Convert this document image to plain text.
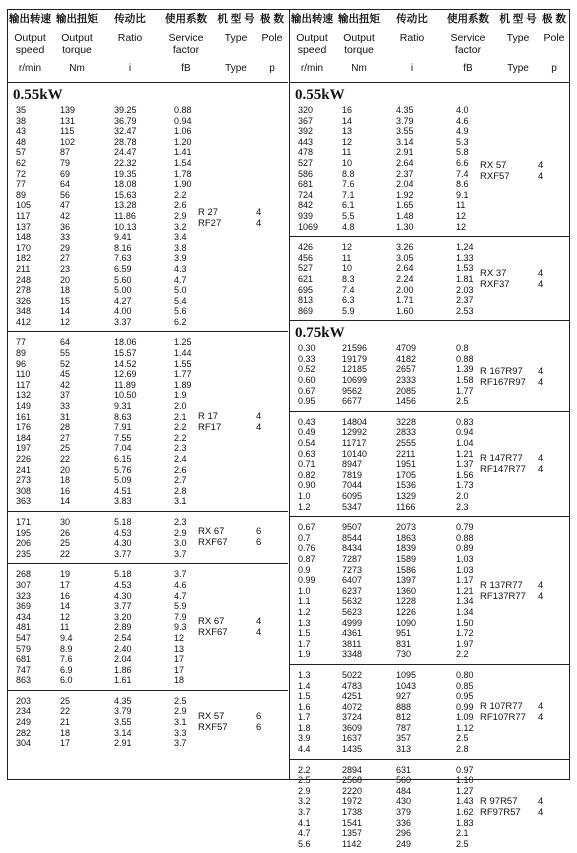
输出转速
Output
speed
r/min
输出扭矩
Output
torque
Nm
传动比
Ratio
i
使用系数
Service
factor
fB
机 型 号
Type
Type
极 数
Pole
p
0.55kW
35	139	39.25	0.88
38	131	36.79	0.94
43	115	32.47	1.06
48	102	28.78	1.20
57	87	24.47	1.41
62	79	22.32	1.54
72	69	19.35	1.78
77	64	18.08	1.90
89	56	15.63	2.2
105	47	13.28	2.6
117	42	11.86	2.9
137	36	10.13	3.2
148	33	9.41	3.4
170	29	8.16	3.8
182	27	7.63	3.9
211	23	6.59	4.3
248	20	5.60	4.7
278	18	5.00	5.0
326	15	4.27	5.4
348	14	4.00	5.6
412	12	3.37	6.2
R 27	4
RF27	4
77	64	18.06	1.25
89	55	15.57	1.44
96	52	14.52	1.55
110	45	12.69	1.77
117	42	11.89	1.89
132	37	10.50	1.9
149	33	9.31	2.0
161	31	8.63	2.1
176	28	7.91	2.2
184	27	7.55	2.2
197	25	7.04	2.3
226	22	6.15	2.4
241	20	5.76	2.6
273	18	5.09	2.7
308	16	4.51	2.8
363	14	3.83	3.1
R 17	4
RF17	4
171	30	5.18	2.3
195	26	4.53	2.9
206	25	4.30	3.0
235	22	3.77	3.7
RX 67	6
RXF67	6
268	19	5.18	3.7
307	17	4.53	4.6
323	16	4.30	4.7
369	14	3.77	5.9
434	12	3.20	7.9
481	11	2.89	9.3
547	9.4	2.54	12
579	8.9	2.40	13
681	7.6	2.04	17
747	6.9	1.86	17
863	6.0	1.61	18
RX 67	4
RXF67	4
203	25	4.35	2.5
234	22	3.79	2.9
249	21	3.55	3.1
282	18	3.14	3.3
304	17	2.91	3.7
RX 57	6
RXF57	6
输出转速
Output
speed
r/min
输出扭矩
Output
torque
Nm
传动比
Ratio
i
使用系数
Service
factor
fB
机 型 号
Type
Type
极 数
Pole
p
0.55kW
320	16	4.35	4.0
367	14	3.79	4.6
392	13	3.55	4.9
443	12	3.14	5.3
478	11	2.91	5.8
527	10	2.64	6.6
586	8.8	2.37	7.4
681	7.6	2.04	8.6
724	7.1	1.92	9.1
842	6.1	1.65	11
939	5.5	1.48	12
1069	4.8	1.30	12
RX 57	4
RXF57	4
426	12	3.26	1.24
456	11	3.05	1.33
527	10	2.64	1.53
621	8.3	2.24	1.81
695	7.4	2.00	2.03
813	6.3	1.71	2.37
869	5.9	1.60	2.53
RX 37	4
RXF37	4
0.75kW
0.30	21596	4709	0.8
0.33	19179	4182	0.88
0.52	12185	2657	1.39
0.60	10699	2333	1.58
0.67	9562	2085	1.77
0.95	6677	1456	2.5
R 167R97 4
RF167R97 4
0.43	14804	3228	0.83
0.49	12992	2833	0.94
0.54	11717	2555	1.04
0.63	10140	2211	1.21
0.71	8947	1951	1.37
0.82	7819	1705	1.56
0.90	7044	1536	1.73
1.0	6095	1329	2.0
1.2	5347	1166	2.3
R 147R77 4
RF147R77 4
0.67	9507	2073	0.79
0.7	8544	1863	0.88
0.76	8434	1839	0.89
0.87	7287	1589	1.03
0.9	7273	1586	1.03
0.99	6407	1397	1.17
1.0	6237	1360	1.21
1.1	5632	1228	1.34
1.2	5623	1226	1.34
1.3	4999	1090	1.50
1.5	4361	951	1.72
1.7	3811	831	1.97
1.9	3348	730	2.2
R 137R77 4
RF137R77 4
1.3	5022	1095	0.80
1.4	4783	1043	0.85
1.5	4251	927	0.95
1.6	4072	888	0.99
1.7	3724	812	1.09
1.8	3609	787	1.12
3.9	1637	357	2.5
4.4	1435	313	2.8
R 107R77 4
RF107R77 4
2.2	2894	631	0.97
2.5	2568	560	1.10
2.9	2220	484	1.27
3.2	1972	430	1.43
3.7	1738	379	1.62
4.1	1541	336	1.83
4.7	1357	296	2.1
5.6	1142	249	2.5
R 97R57 4
RF97R57 4
